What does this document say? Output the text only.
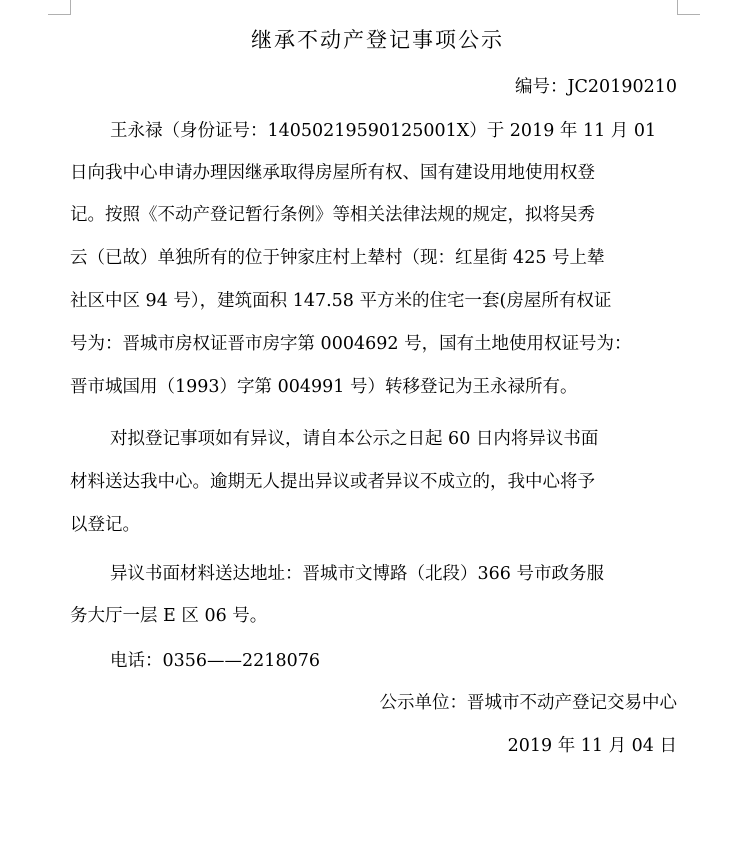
继承不动产登记事项公示
编号：JC20190210
王永禄（身份证号：14050219590125001X）于 2019 年 11 月 01
日向我中心申请办理因继承取得房屋所有权、国有建设用地使用权登
记。按照《不动产登记暂行条例》等相关法律法规的规定，拟将吴秀
云（已故）单独所有的位于钟家庄村上辇村（现：红星街 425 号上辇
社区中区 94 号），建筑面积 147.58 平方米的住宅一套(房屋所有权证
号为：晋城市房权证晋市房字第 0004692 号，国有土地使用权证号为：
晋市城国用（1993）字第 004991 号）转移登记为王永禄所有。
对拟登记事项如有异议，请自本公示之日起 60 日内将异议书面
材料送达我中心。逾期无人提出异议或者异议不成立的，我中心将予
以登记。
异议书面材料送达地址：晋城市文博路（北段）366 号市政务服
务大厅一层 E 区 06 号。
电话：0356——2218076
公示单位：晋城市不动产登记交易中心
2019 年 11 月 04 日
